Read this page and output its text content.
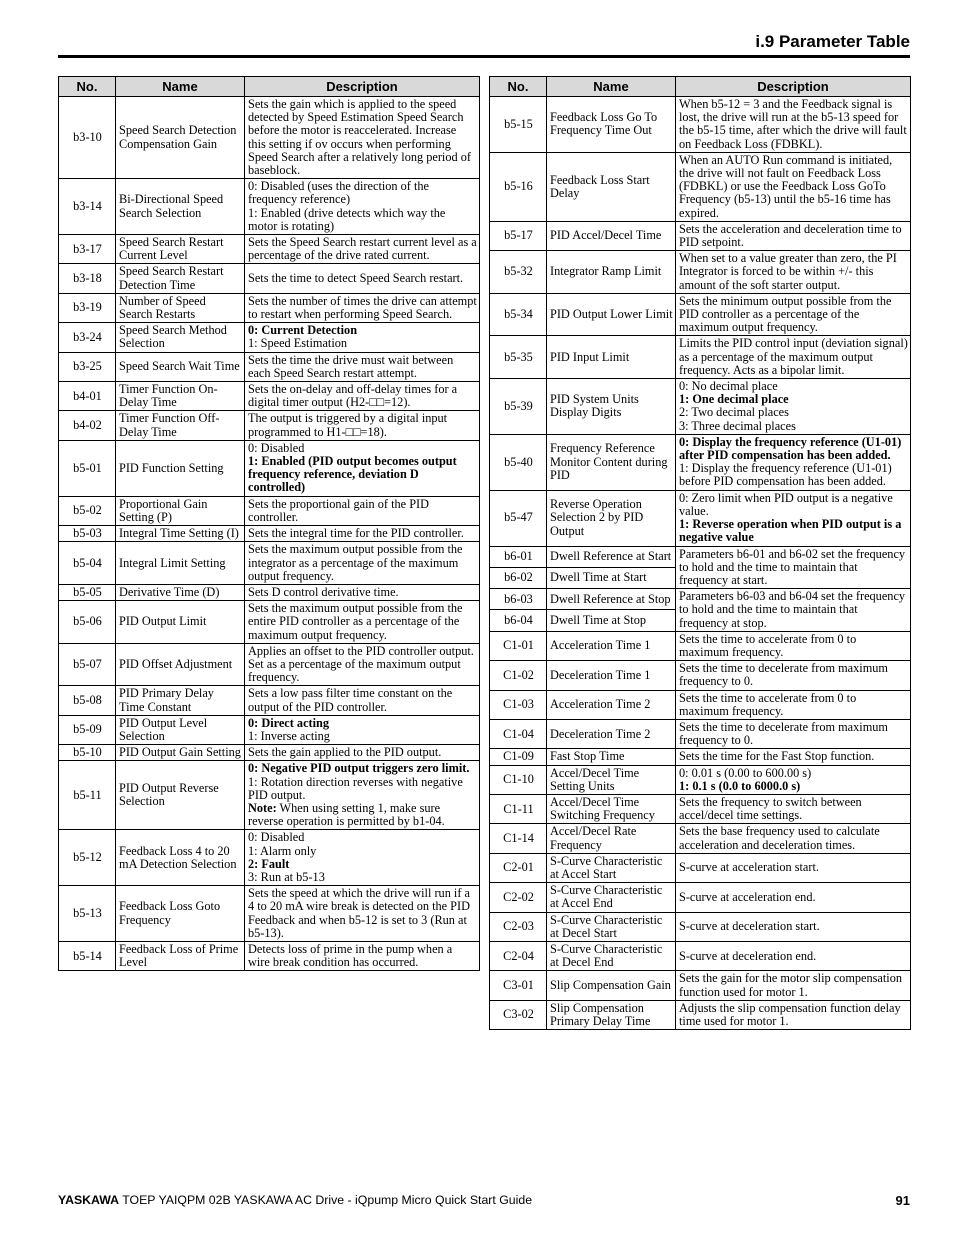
i.9 Parameter Table
No.	Name	Description
b3-10	Speed Search Detection Compensation Gain	Sets the gain which is applied to the speed detected by Speed Estimation Speed Search before the motor is reaccelerated. Increase this setting if ov occurs when performing Speed Search after a relatively long period of baseblock.

b3-14	Bi-Directional Speed Search Selection	0: Disabled (uses the direction of the frequency reference)
1: Enabled (drive detects which way the motor is rotating)

b3-17	Speed Search Restart Current Level	Sets the Speed Search restart current level as a percentage of the drive rated current.

b3-18	Speed Search Restart Detection Time	Sets the time to detect Speed Search restart.

b3-19	Number of Speed Search Restarts	Sets the number of times the drive can attempt to restart when performing Speed Search.

b3-24	Speed Search Method Selection	0: Current Detection
1: Speed Estimation

b3-25	Speed Search Wait Time	Sets the time the drive must wait between each Speed Search restart attempt.

b4-01	Timer Function On-Delay Time	Sets the on-delay and off-delay times for a digital timer output (H2-□□=12).

b4-02	Timer Function Off-Delay Time	The output is triggered by a digital input programmed to H1-□□=18).

b5-01	PID Function Setting	0: Disabled
1: Enabled (PID output becomes output frequency reference, deviation D controlled)

b5-02	Proportional Gain Setting (P)	Sets the proportional gain of the PID controller.

b5-03	Integral Time Setting (I)	Sets the integral time for the PID controller.

b5-04	Integral Limit Setting	Sets the maximum output possible from the integrator as a percentage of the maximum output frequency.

b5-05	Derivative Time (D)	Sets D control derivative time.

b5-06	PID Output Limit	Sets the maximum output possible from the entire PID controller as a percentage of the maximum output frequency.

b5-07	PID Offset Adjustment	Applies an offset to the PID controller output. Set as a percentage of the maximum output frequency.

b5-08	PID Primary Delay Time Constant	Sets a low pass filter time constant on the output of the PID controller.

b5-09	PID Output Level Selection	0: Direct acting
1: Inverse acting

b5-10	PID Output Gain Setting	Sets the gain applied to the PID output.

b5-11	PID Output Reverse Selection	0: Negative PID output triggers zero limit.
1: Rotation direction reverses with negative PID output.
Note: When using setting 1, make sure reverse operation is permitted by b1-04.

b5-12	Feedback Loss 4 to 20 mA Detection Selection	0: Disabled
1: Alarm only
2: Fault
3: Run at b5-13

b5-13	Feedback Loss Goto Frequency	Sets the speed at which the drive will run if a 4 to 20 mA wire break is detected on the PID Feedback and when b5-12 is set to 3 (Run at b5-13).

b5-14	Feedback Loss of Prime Level	Detects loss of prime in the pump when a wire break condition has occurred.
No.	Name	Description
b5-15	Feedback Loss Go To Frequency Time Out	When b5-12 = 3 and the Feedback signal is lost, the drive will run at the b5-13 speed for the b5-15 time, after which the drive will fault on Feedback Loss (FDBKL).

b5-16	Feedback Loss Start Delay	When an AUTO Run command is initiated, the drive will not fault on Feedback Loss (FDBKL) or use the Feedback Loss GoTo Frequency (b5-13) until the b5-16 time has expired.

b5-17	PID Accel/Decel Time	Sets the acceleration and deceleration time to PID setpoint.

b5-32	Integrator Ramp Limit	When set to a value greater than zero, the PI Integrator is forced to be within +/- this amount of the soft starter output.

b5-34	PID Output Lower Limit	Sets the minimum output possible from the PID controller as a percentage of the maximum output frequency.

b5-35	PID Input Limit	Limits the PID control input (deviation signal) as a percentage of the maximum output frequency. Acts as a bipolar limit.

b5-39	PID System Units Display Digits	0: No decimal place
1: One decimal place
2: Two decimal places
3: Three decimal places

b5-40	Frequency Reference Monitor Content during PID	0: Display the frequency reference (U1-01) after PID compensation has been added.
1: Display the frequency reference (U1-01) before PID compensation has been added.

b5-47	Reverse Operation Selection 2 by PID Output	0: Zero limit when PID output is a negative value.
1: Reverse operation when PID output is a negative value

b6-01	Dwell Reference at Start	Parameters b6-01 and b6-02 set the frequency to hold and the time to maintain that frequency at start.

b6-02	Dwell Time at Start	
b6-03	Dwell Reference at Stop	Parameters b6-03 and b6-04 set the frequency to hold and the time to maintain that frequency at stop.

b6-04	Dwell Time at Stop	
C1-01	Acceleration Time 1	Sets the time to accelerate from 0 to maximum frequency.

C1-02	Deceleration Time 1	Sets the time to decelerate from maximum frequency to 0.

C1-03	Acceleration Time 2	Sets the time to accelerate from 0 to maximum frequency.

C1-04	Deceleration Time 2	Sets the time to decelerate from maximum frequency to 0.

C1-09	Fast Stop Time	Sets the time for the Fast Stop function.

C1-10	Accel/Decel Time Setting Units	0: 0.01 s (0.00 to 600.00 s)
1: 0.1 s (0.0 to 6000.0 s)

C1-11	Accel/Decel Time Switching Frequency	Sets the frequency to switch between accel/decel time settings.

C1-14	Accel/Decel Rate Frequency	Sets the base frequency used to calculate acceleration and deceleration times.

C2-01	S-Curve Characteristic at Accel Start	S-curve at acceleration start.

C2-02	S-Curve Characteristic at Accel End	S-curve at acceleration end.

C2-03	S-Curve Characteristic at Decel Start	S-curve at deceleration start.

C2-04	S-Curve Characteristic at Decel End	S-curve at deceleration end.

C3-01	Slip Compensation Gain	Sets the gain for the motor slip compensation function used for motor 1.

C3-02	Slip Compensation Primary Delay Time	Adjusts the slip compensation function delay time used for motor 1.
YASKAWA TOEP YAIQPM 02B YASKAWA AC Drive - iQpump Micro Quick Start Guide	91
